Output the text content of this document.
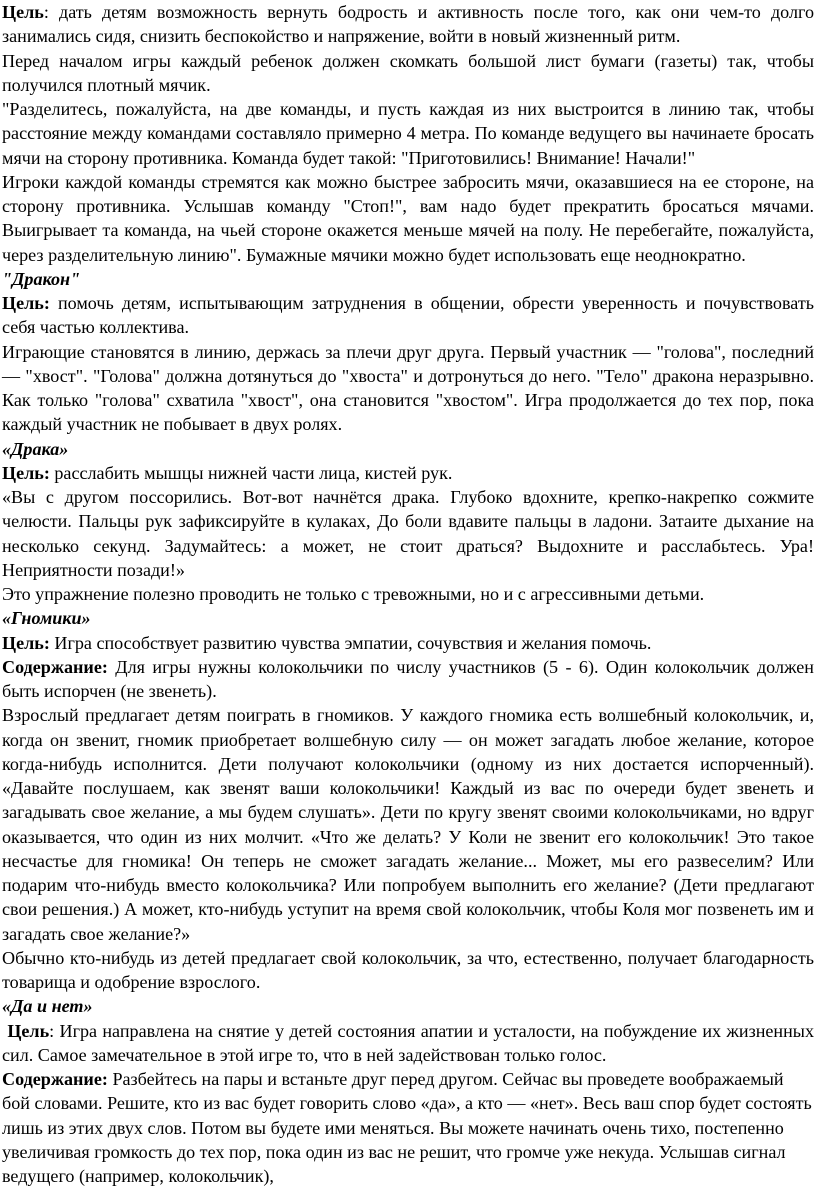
Цель: дать детям возможность вернуть бодрость и активность после того, как они чем-то долго занимались сидя, снизить беспокойство и напряжение, войти в новый жизненный ритм.

Перед началом игры каждый ребенок должен скомкать большой лист бумаги (газеты) так, чтобы получился плотный мячик.

"Разделитесь, пожалуйста, на две команды, и пусть каждая из них выстроится в линию так, чтобы расстояние между командами составляло примерно 4 метра. По команде ведущего вы начинаете бросать мячи на сторону противника. Команда будет такой: "Приготовились! Внимание! Начали!"

Игроки каждой команды стремятся как можно быстрее забросить мячи, оказавшиеся на ее стороне, на сторону противника. Услышав команду "Стоп!", вам надо будет прекратить бросаться мячами. Выигрывает та команда, на чьей стороне окажется меньше мячей на полу. Не перебегайте, пожалуйста, через разделительную линию". Бумажные мячики можно будет использовать еще неоднократно.

"Дракон"

Цель: помочь детям, испытывающим затруднения в общении, обрести уверенность и почувствовать себя частью коллектива.

Играющие становятся в линию, держась за плечи друг друга. Первый участник — "голова", последний — "хвост". "Голова" должна дотянуться до "хвоста" и дотронуться до него. "Тело" дракона неразрывно. Как только "голова" схватила "хвост", она становится "хвостом". Игра продолжается до тех пор, пока каждый участник не побывает в двух ролях.

«Драка»

Цель: расслабить мышцы нижней части лица, кистей рук.

«Вы с другом поссорились. Вот-вот начнётся драка. Глубоко вдохните, крепко-накрепко сожмите челюсти. Пальцы рук зафиксируйте в кулаках, До боли вдавите пальцы в ладони. Затаите дыхание на несколько секунд. Задумайтесь: а может, не стоит драться? Выдохните и расслабьтесь. Ура! Неприятности позади!»

Это упражнение полезно проводить не только с тревожными, но и с агрессивными детьми.

«Гномики»

Цель: Игра способствует развитию чувства эмпатии, сочувствия и желания помочь.

Содержание: Для игры нужны колокольчики по числу участников (5 - 6). Один колокольчик должен быть испорчен (не звенеть).

Взрослый предлагает детям поиграть в гномиков. У каждого гномика есть волшебный колокольчик, и, когда он звенит, гномик приобретает волшебную силу — он может загадать любое желание, которое когда-нибудь исполнится. Дети получают колокольчики (одному из них достается испорченный). «Давайте послушаем, как звенят ваши колокольчики! Каждый из вас по очереди будет звенеть и загадывать свое желание, а мы будем слушать». Дети по кругу звенят своими колокольчиками, но вдруг оказывается, что один из них молчит. «Что же делать? У Коли не звенит его колокольчик! Это такое несчастье для гномика! Он теперь не сможет загадать желание... Может, мы его развеселим? Или подарим что-нибудь вместо колокольчика? Или попробуем выполнить его желание? (Дети предлагают свои решения.) А может, кто-нибудь уступит на время свой колокольчик, чтобы Коля мог позвенеть им и загадать свое желание?»

Обычно кто-нибудь из детей предлагает свой колокольчик, за что, естественно, получает благодарность товарища и одобрение взрослого.

«Да и нет»

Цель: Игра направлена на снятие у детей состояния апатии и усталости, на побуждение их жизненных сил. Самое замечательное в этой игре то, что в ней задействован только голос.

Содержание: Разбейтесь на пары и встаньте друг перед другом. Сейчас вы проведете воображаемый бой словами. Решите, кто из вас будет говорить слово «да», а кто — «нет». Весь ваш спор будет состоять лишь из этих двух слов. Потом вы будете ими меняться. Вы можете начинать очень тихо, постепенно увеличивая громкость до тех пор, пока один из вас не решит, что громче уже некуда. Услышав сигнал ведущего (например, колокольчик),
